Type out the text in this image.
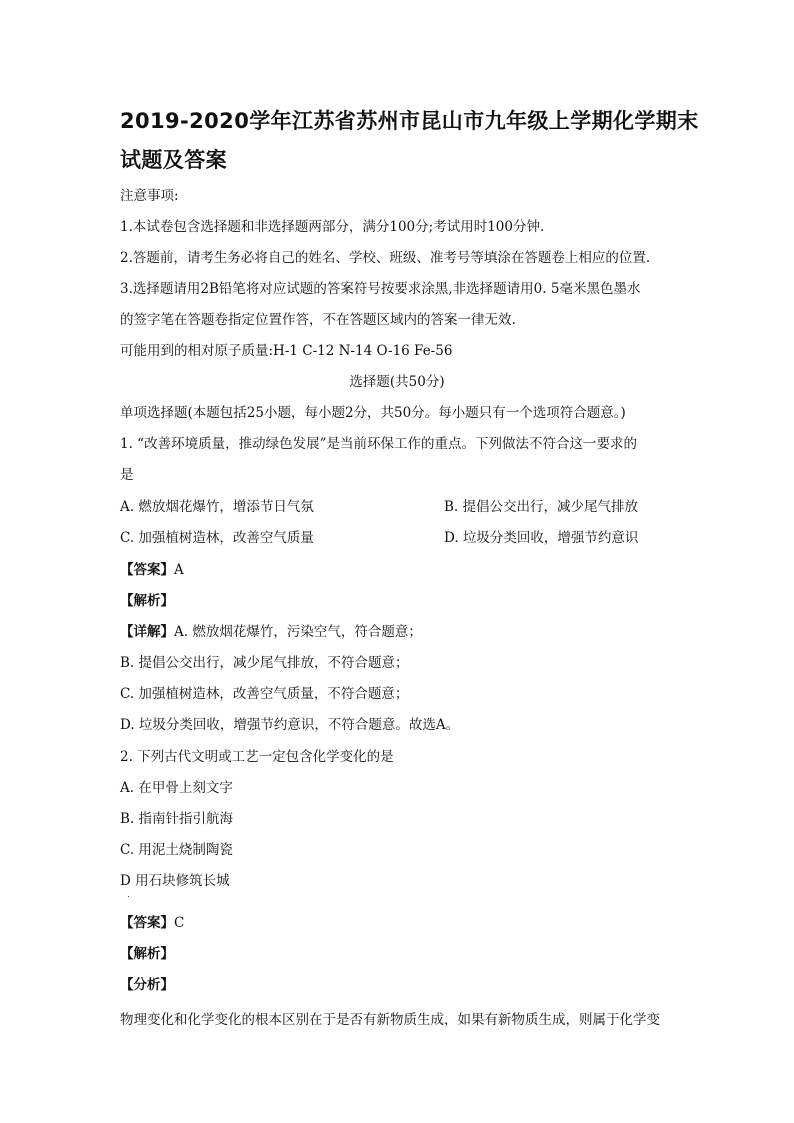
2019-2020学年江苏省苏州市昆山市九年级上学期化学期末
试题及答案
注意事项:
1.本试卷包含选择题和非选择题两部分，满分100分;考试用时100分钟.
2.答题前，请考生务必将自己的姓名、学校、班级、准考号等填涂在答题卷上相应的位置.
3.选择题请用2B铅笔将对应试题的答案符号按要求涂黑,非选择题请用0. 5毫米黑色墨水
的签字笔在答题卷指定位置作答，不在答题区域内的答案一律无效.
可能用到的相对原子质量:H-1 C-12 N-14 O-16 Fe-56
选择题(共50分)
单项选择题(本题包括25小题，每小题2分，共50分。每小题只有一个选项符合题意。)
1. “改善环境质量，推动绿色发展”是当前环保工作的重点。下列做法不符合这一要求的
是
A. 燃放烟花爆竹，增添节日气氛	B. 提倡公交出行，减少尾气排放
C. 加强植树造林，改善空气质量	D. 垃圾分类回收，增强节约意识
【答案】A
【解析】
【详解】A. 燃放烟花爆竹，污染空气，符合题意；
B. 提倡公交出行，减少尾气排放，不符合题意；
C. 加强植树造林，改善空气质量，不符合题意；
D. 垃圾分类回收，增强节约意识，不符合题意。故选A。
2. 下列古代文明或工艺一定包含化学变化的是
A. 在甲骨上刻文字
B. 指南针指引航海
C. 用泥土烧制陶瓷
D 用石块修筑长城
【答案】C
【解析】
【分析】
物理变化和化学变化的根本区别在于是否有新物质生成，如果有新物质生成，则属于化学变
